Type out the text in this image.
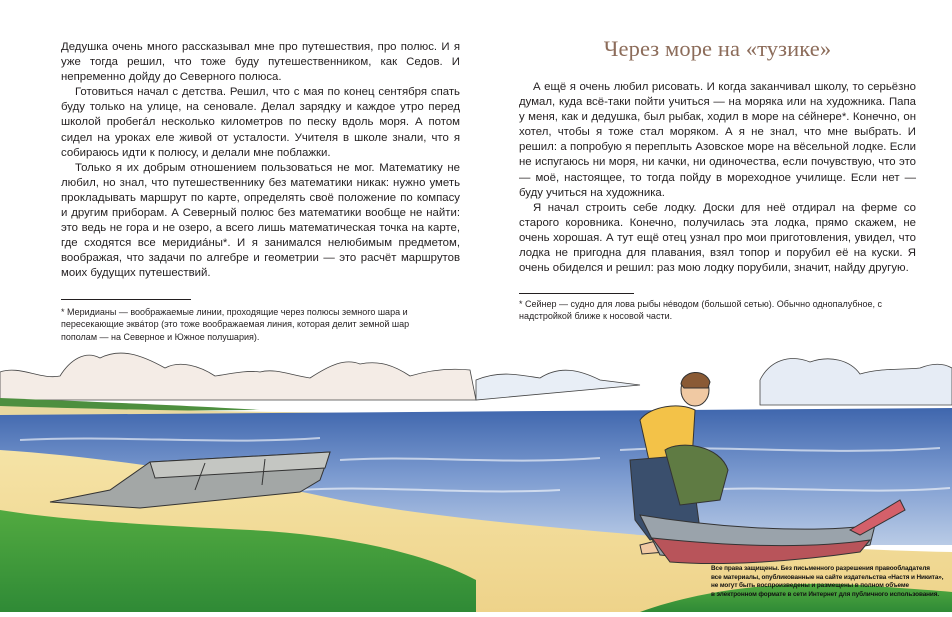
Дедушка очень много рассказывал мне про путешествия, про полюс. И я уже тогда решил, что тоже буду путешественником, как Седов. И непременно дойду до Северного полюса.

Готовиться начал с детства. Решил, что с мая по конец сентября спать буду только на улице, на сеновале. Делал зарядку и каждое утро перед школой пробегáл несколько километров по песку вдоль моря. А потом сидел на уроках еле живой от усталости. Учителя в школе знали, что я собираюсь идти к полюсу, и делали мне поблажки.

Только я их добрым отношением пользоваться не мог. Математику не любил, но знал, что путешественнику без математики никак: нужно уметь прокладывать маршрут по карте, определять своё положение по компасу и другим приборам. А Северный полюс без математики вообще не найти: это ведь не гора и не озеро, а всего лишь математическая точка на карте, где сходятся все меридиáны*. И я занимался нелюбимым предметом, воображая, что задачи по алгебре и геометрии — это расчёт маршрутов моих будущих путешествий.

* Меридианы — воображаемые линии, проходящие через полюсы земного шара и пересекающие эквáтор (это тоже воображаемая линия, которая делит земной шар пополам — на Северное и Южное полушария).
Через море на «тузике»

А ещё я очень любил рисовать. И когда заканчивал школу, то серьёзно думал, куда всё-таки пойти учиться — на моряка или на художника. Папа у меня, как и дедушка, был рыбак, ходил в море на сéйнере*. Конечно, он хотел, чтобы я тоже стал моряком. А я не знал, что мне выбрать. И решил: а попробую я переплыть Азовское море на вёсельной лодке. Если не испугаюсь ни моря, ни качки, ни одиночества, если почувствую, что это — моё, настоящее, то тогда пойду в мореходное училище. Если нет — буду учиться на художника.

Я начал строить себе лодку. Доски для неё отдирал на ферме со старого коровника. Конечно, получилась эта лодка, прямо скажем, не очень хорошая. А тут ещё отец узнал про мои приготовления, увидел, что лодка не пригодна для плавания, взял топор и порубил её на куски. Я очень обиделся и решил: раз мою лодку порубили, значит, найду другую.

* Сейнер — судно для лова рыбы нéводом (большой сетью). Обычно однопалубное, с надстройкой ближе к носовой части.
Все права защищены. Без письменного разрешения правообладателя
все материалы, опубликованные на сайте издательства «Настя и Никита»,
не могут быть воспроизведены и размещены в полном объеме
в электронном формате в сети Интернет для публичного использования.
